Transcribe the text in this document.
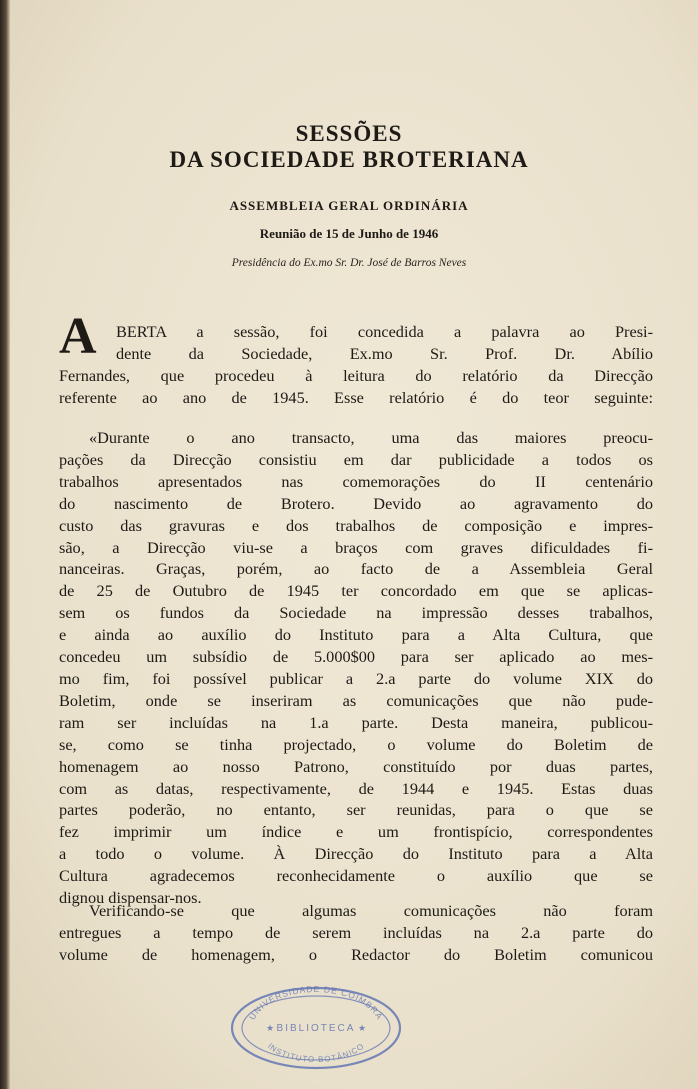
SESSÕES
DA SOCIEDADE BROTERIANA
ASSEMBLEIA GERAL ORDINÁRIA
Reunião de 15 de Junho de 1946
Presidência do Ex.mo Sr. Dr. José de Barros Neves
A BERTA a sessão, foi concedida a palavra ao Presi-
dente da Sociedade, Ex.mo Sr. Prof. Dr. Abílio
Fernandes, que procedeu à leitura do relatório da Direcção
referente ao ano de 1945. Esse relatório é do teor seguinte:
«Durante o ano transacto, uma das maiores preocu-
pações da Direcção consistiu em dar publicidade a todos os
trabalhos apresentados nas comemorações do II centenário
do nascimento de Brotero. Devido ao agravamento do
custo das gravuras e dos trabalhos de composição e impres-
são, a Direcção viu-se a braços com graves dificuldades fi-
nanceiras. Graças, porém, ao facto de a Assembleia Geral
de 25 de Outubro de 1945 ter concordado em que se aplicas-
sem os fundos da Sociedade na impressão desses trabalhos,
e ainda ao auxílio do Instituto para a Alta Cultura, que
concedeu um subsídio de 5.000$00 para ser aplicado ao mes-
mo fim, foi possível publicar a 2.a parte do volume XIX do
Boletim, onde se inseriram as comunicações que não pude-
ram ser incluídas na 1.a parte. Desta maneira, publicou-
se, como se tinha projectado, o volume do Boletim de
homenagem ao nosso Patrono, constituído por duas partes,
com as datas, respectivamente, de 1944 e 1945. Estas duas
partes poderão, no entanto, ser reunidas, para o que se
fez imprimir um índice e um frontispício, correspondentes
a todo o volume. À Direcção do Instituto para a Alta
Cultura agradecemos reconhecidamente o auxílio que se
dignou dispensar-nos.
Verificando-se que algumas comunicações não foram
entregues a tempo de serem incluídas na 2.a parte do
volume de homenagem, o Redactor do Boletim comunicou
UNIVERSIDADE DE COIMBRA
BIBLIOTECA
★	★
INSTITUTO BOTÂNICO
